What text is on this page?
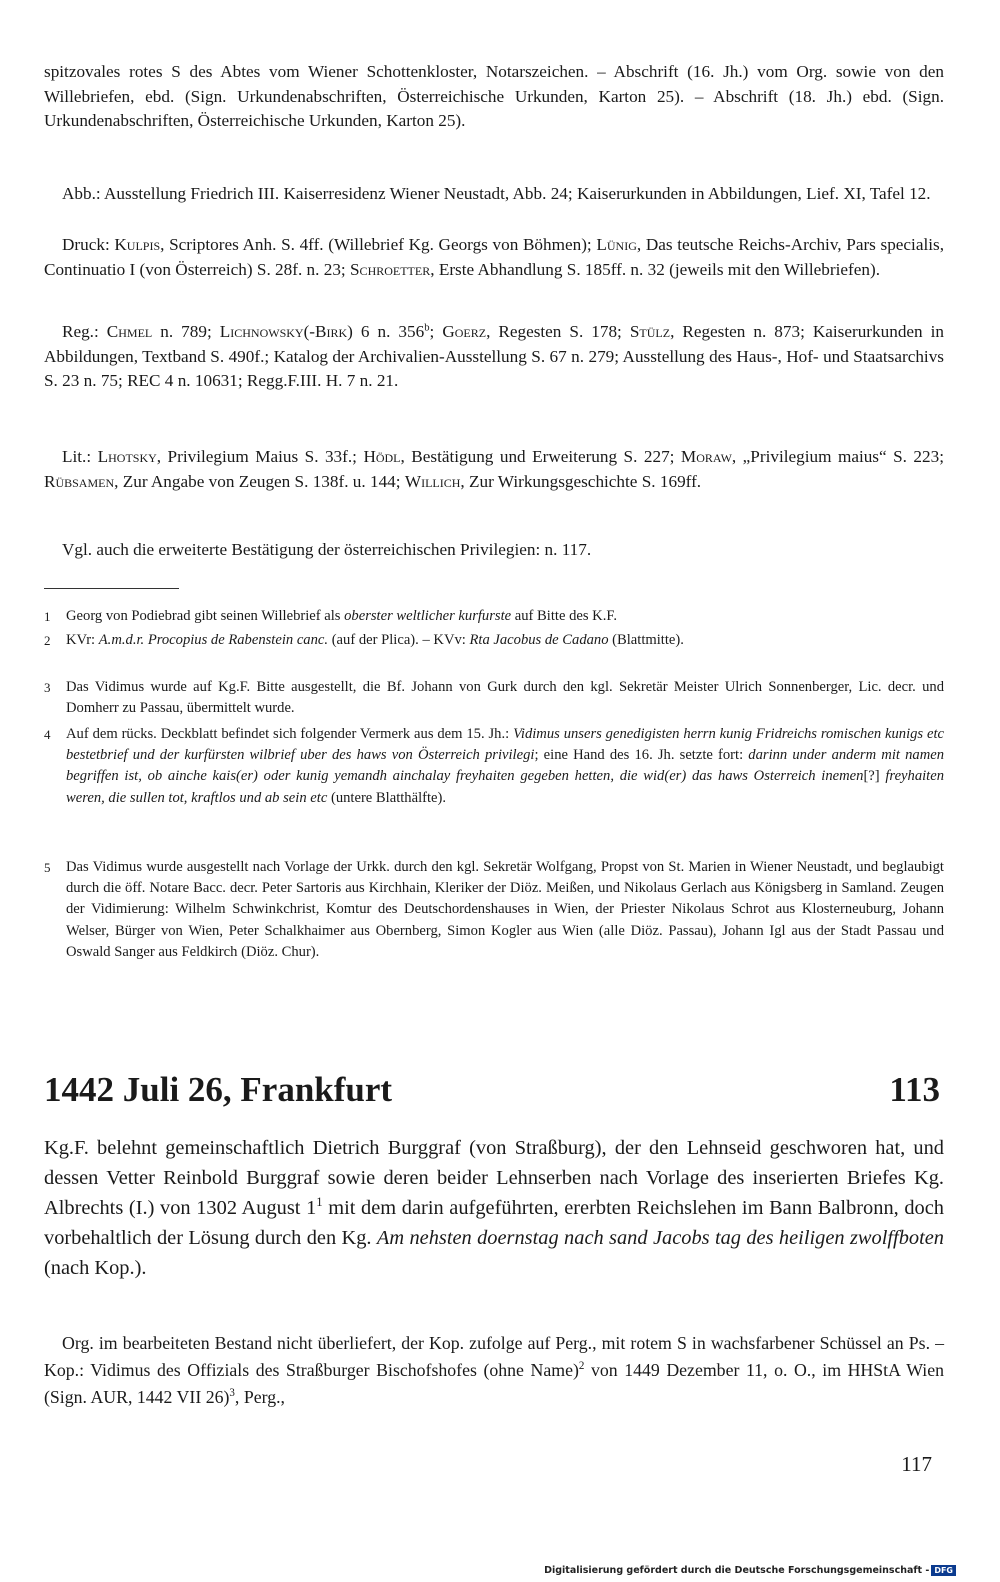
spitzovales rotes S des Abtes vom Wiener Schottenkloster, Notarszeichen. – Abschrift (16. Jh.) vom Org. sowie von den Willebriefen, ebd. (Sign. Urkundenabschriften, Österreichische Urkunden, Karton 25). – Abschrift (18. Jh.) ebd. (Sign. Urkundenabschriften, Österreichische Urkunden, Karton 25).
Abb.: Ausstellung Friedrich III. Kaiserresidenz Wiener Neustadt, Abb. 24; Kaiserurkunden in Abbildungen, Lief. XI, Tafel 12.
Druck: Kulpis, Scriptores Anh. S. 4ff. (Willebrief Kg. Georgs von Böhmen); Lünig, Das teutsche Reichs-Archiv, Pars specialis, Continuatio I (von Österreich) S. 28f. n. 23; Schroetter, Erste Abhandlung S. 185ff. n. 32 (jeweils mit den Willebriefen).
Reg.: Chmel n. 789; Lichnowsky(-Birk) 6 n. 356$^b$; Goerz, Regesten S. 178; Stülz, Regesten n. 873; Kaiserurkunden in Abbildungen, Textband S. 490f.; Katalog der Archivalien-Ausstellung S. 67 n. 279; Ausstellung des Haus-, Hof- und Staatsarchivs S. 23 n. 75; REC 4 n. 10631; Regg.F.III. H. 7 n. 21.
Lit.: Lhotsky, Privilegium Maius S. 33f.; Hödl, Bestätigung und Erweiterung S. 227; Moraw, „Privilegium maius“ S. 223; Rübsamen, Zur Angabe von Zeugen S. 138f. u. 144; Willich, Zur Wirkungsgeschichte S. 169ff.
Vgl. auch die erweiterte Bestätigung der österreichischen Privilegien: n. 117.
1	Georg von Podiebrad gibt seinen Willebrief als oberster weltlicher kurfurste auf Bitte des K.F.
2	KVr: A.m.d.r. Procopius de Rabenstein canc. (auf der Plica). – KVv: Rta Jacobus de Cadano (Blattmitte).
3	Das Vidimus wurde auf Kg.F. Bitte ausgestellt, die Bf. Johann von Gurk durch den kgl. Sekretär Meister Ulrich Sonnenberger, Lic. decr. und Domherr zu Passau, übermittelt wurde.
4	Auf dem rücks. Deckblatt befindet sich folgender Vermerk aus dem 15. Jh.: Vidimus unsers genedigisten herrn kunig Fridreichs romischen kunigs etc bestetbrief und der kurfürsten wilbrief uber des haws von Österreich privilegi; eine Hand des 16. Jh. setzte fort: darinn under anderm mit namen begriffen ist, ob ainche kais(er) oder kunig yemandh ainchalay freyhaiten gegeben hetten, die wid(er) das haws Osterreich inemen[?] freyhaiten weren, die sullen tot, kraftlos und ab sein etc (untere Blatthälfte).
5	Das Vidimus wurde ausgestellt nach Vorlage der Urkk. durch den kgl. Sekretär Wolfgang, Propst von St. Marien in Wiener Neustadt, und beglaubigt durch die öff. Notare Bacc. decr. Peter Sartoris aus Kirchhain, Kleriker der Diöz. Meißen, und Nikolaus Gerlach aus Königsberg in Samland. Zeugen der Vidimierung: Wilhelm Schwinkchrist, Komtur des Deutschordenshauses in Wien, der Priester Nikolaus Schrot aus Klosterneuburg, Johann Welser, Bürger von Wien, Peter Schalkhaimer aus Obernberg, Simon Kogler aus Wien (alle Diöz. Passau), Johann Igl aus der Stadt Passau und Oswald Sanger aus Feldkirch (Diöz. Chur).
1442 Juli 26, Frankfurt	113
Kg.F. belehnt gemeinschaftlich Dietrich Burggraf (von Straßburg), der den Lehnseid geschworen hat, und dessen Vetter Reinbold Burggraf sowie deren beider Lehnserben nach Vorlage des inserierten Briefes Kg. Albrechts (I.) von 1302 August $1^1$ mit dem darin aufgeführten, ererbten Reichslehen im Bann Balbronn, doch vorbehaltlich der Lösung durch den Kg. Am nehsten doernstag nach sand Jacobs tag des heiligen zwolffboten (nach Kop.).
Org. im bearbeiteten Bestand nicht überliefert, der Kop. zufolge auf Perg., mit rotem S in wachsfarbener Schüssel an Ps. – Kop.: Vidimus des Offizials des Straßburger Bischofshofes (ohne Name)$^2$ von 1449 Dezember 11, o. O., im HHStA Wien (Sign. AUR, 1442 VII 26)$^3$, Perg.,
117
Digitalisierung gefördert durch die Deutsche Forschungsgemeinschaft - DFG
